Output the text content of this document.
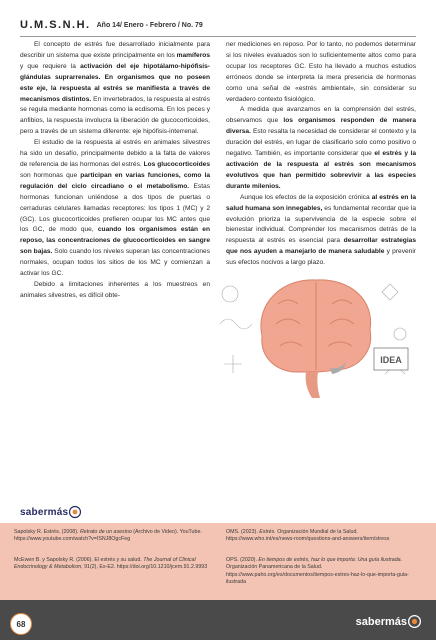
U.M.S.N.H. Año 14/ Enero - Febrero / No. 79

El concepto de estrés fue desarrollado inicialmente para describir un sistema que existe principalmente en los mamíferos y que requiere la activación del eje hipotálamo-hipófisis-glándulas suprarrenales. En organismos que no poseen este eje, la respuesta al estrés se manifiesta a través de mecanismos distintos. En invertebrados, la respuesta al estrés se regula mediante hormonas como la ecdisoma. En los peces y anfibios, la respuesta involucra la liberación de glucocorticoides, pero a través de un sistema diferente: eje hipófisis-interrenal.

El estudio de la respuesta al estrés en animales silvestres ha sido un desafío, principalmente debido a la falta de valores de referencia de las hormonas del estrés. Los glucocorticoides son hormonas que participan en varias funciones, como la regulación del ciclo circadiano o el metabolismo. Estas hormonas funcionan uniéndose a dos tipos de puertas o cerraduras celulares llamadas receptores: los tipos 1 (MC) y 2 (GC). Los glucocorticoides prefieren ocupar los MC antes que los GC, de modo que, cuando los organismos están en reposo, las concentraciones de glucocorticoides en sangre son bajas. Solo cuando los niveles superan las concentraciones normales, ocupan todos los sitios de los MC y comienzan a activar los GC.

Debido a limitaciones inherentes a los muestreos en animales silvestres, es difícil obte-

ner mediciones en reposo. Por lo tanto, no podemos determinar si los niveles evaluados son lo suficientemente altos como para ocupar los receptores GC. Esto ha llevado a muchos estudios erróneos donde se interpreta la mera presencia de hormonas como una señal de «estrés ambiental», sin considerar su verdadero contexto fisiológico.

A medida que avanzamos en la comprensión del estrés, observamos que los organismos responden de manera diversa. Esto resalta la necesidad de considerar el contexto y la duración del estrés, en lugar de clasificarlo solo como positivo o negativo. También, es importante considerar que el estrés y la activación de la respuesta al estrés son mecanismos evolutivos que han permitido sobrevivir a las especies durante milenios.

Aunque los efectos de la exposición crónica al estrés en la salud humana son innegables, es fundamental recordar que la evolución prioriza la supervivencia de la especie sobre el bienestar individual. Comprender los mecanismos detrás de la respuesta al estrés es esencial para desarrollar estrategias que nos ayuden a manejarlo de manera saludable y prevenir sus efectos nocivos a largo plazo.

IDEA
sabermás
Sapolsky R. Estrés. (2008). Retrato de un asesino (Archivo de Video). YouTube. https://www.youtube.com/watch?v=ISNJ8OgcFeg
McEwen B. y Sapolsky R. (2006). El estrés y su salud. The Journal of Clinical Endocrinology & Metabolism, 91(2), Es-E2. https://doi.org/10.1210/jcem.91.2.9993
OMS. (2023). Estrés. Organización Mundial de la Salud. https://www.who.int/es/news-room/questions-and-answers/item/stress
OPS. (2020). En tiempos de estrés, haz lo que importa: Una guía ilustrada. Organización Panamericana de la Salud. https://www.paho.org/es/documentos/tiempos-estres-haz-lo-que-importa-guia-ilustrada
68	sabermás
